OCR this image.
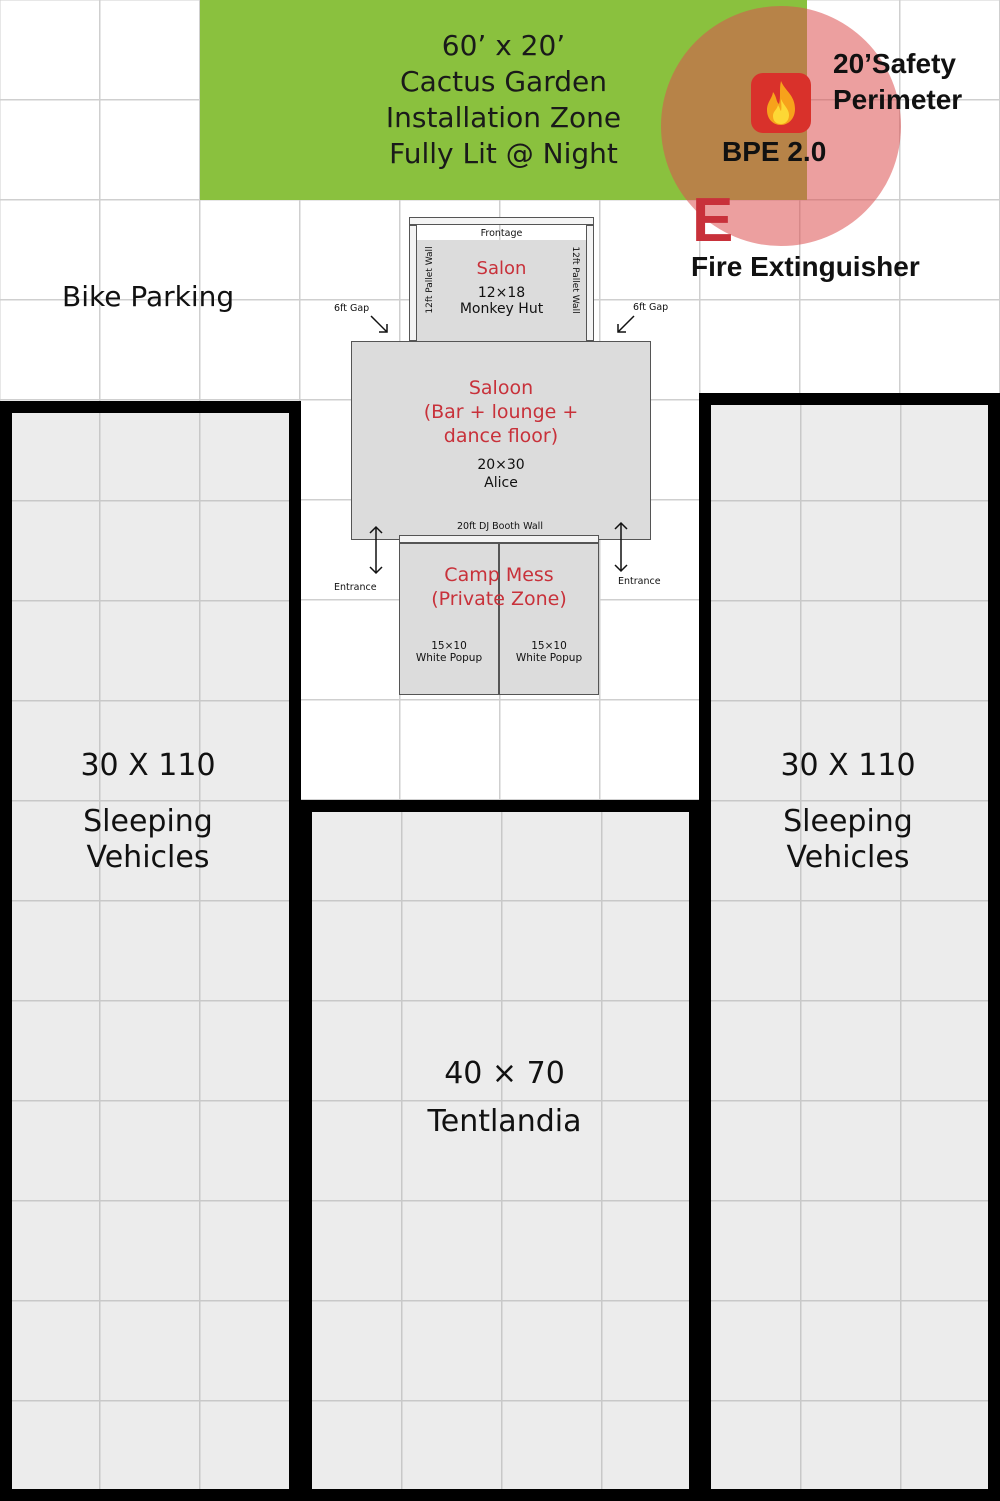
60’ x 20’
Cactus Garden
Installation Zone
Fully Lit @ Night
20’Safety
Perimeter
BPE 2.0
E
Fire Extinguisher
Bike Parking
Frontage
Salon
12×18
Monkey Hut
12ft Pallet Wall	12ft Pallet Wall
6ft Gap	6ft Gap
Saloon
(Bar + lounge +
dance floor)
20×30
Alice
20ft DJ Booth Wall
Entrance
Entrance
Camp Mess
(Private Zone)
15×10
White Popup
15×10
White Popup
30 X 110
Sleeping
Vehicles
30 X 110
Sleeping
Vehicles
40 × 70
Tentlandia
